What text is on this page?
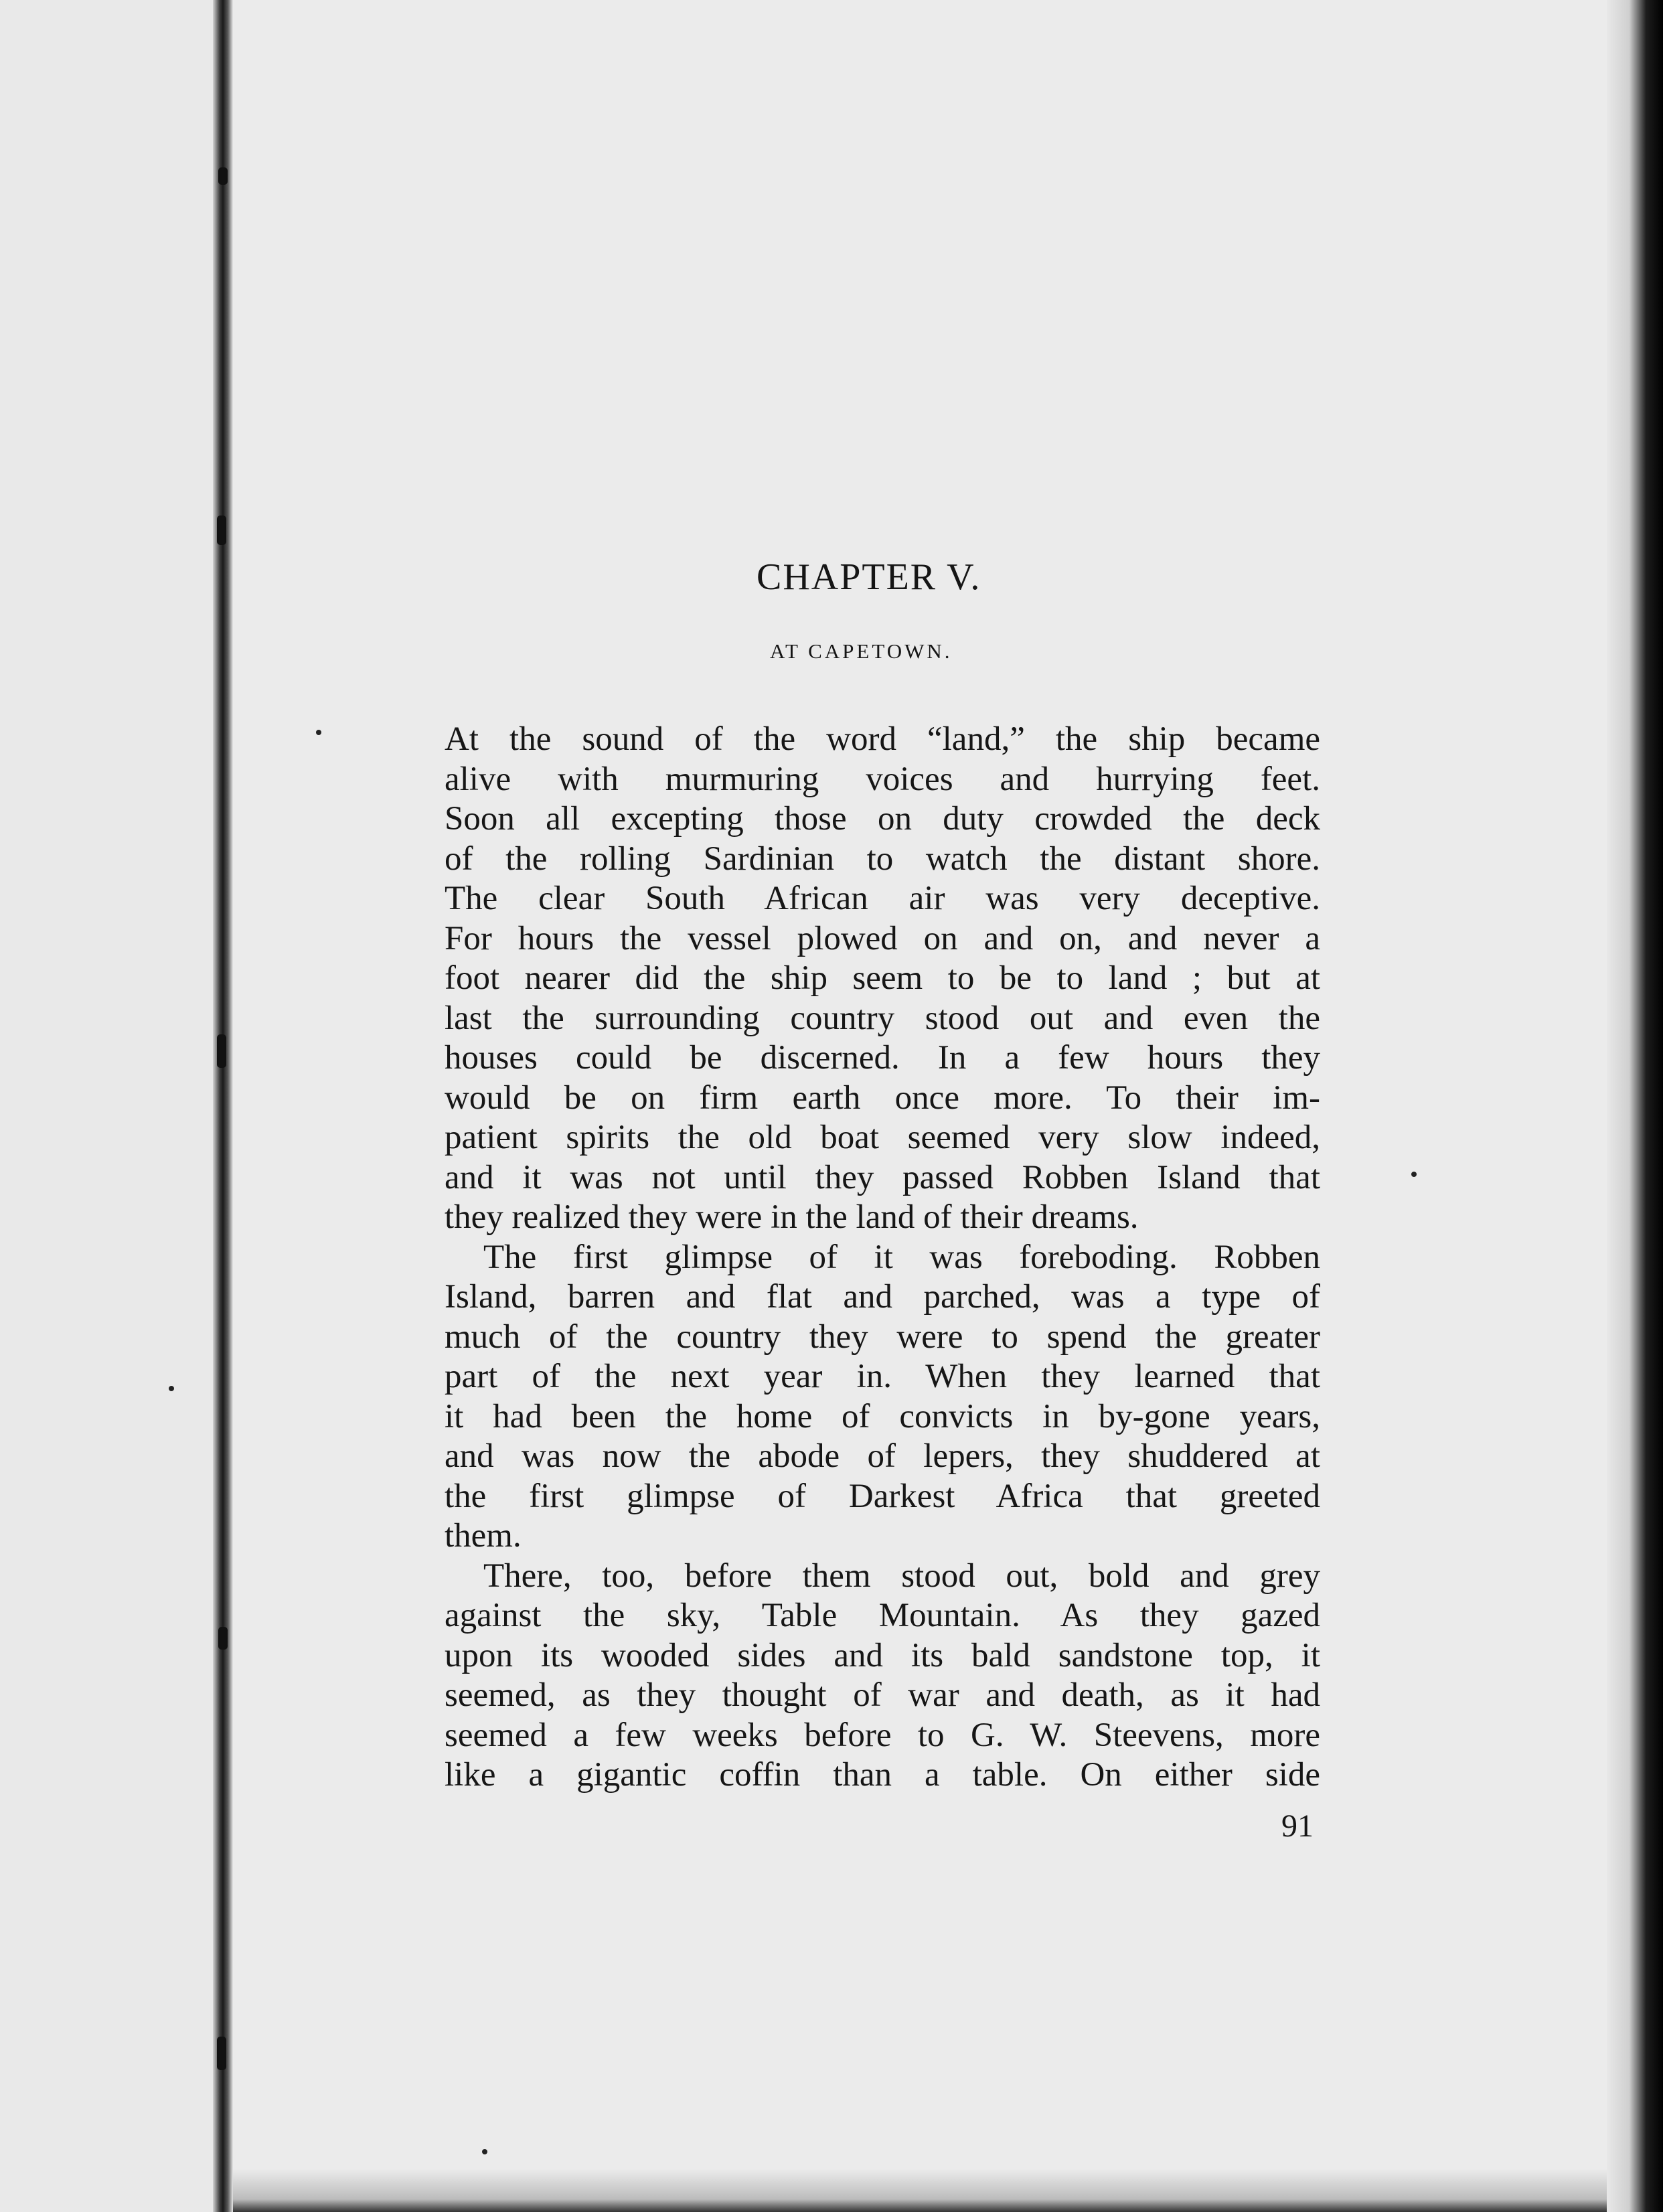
CHAPTER V.
AT CAPETOWN.
At the sound of the word “land,” the ship became
alive with murmuring voices and hurrying feet.
Soon all excepting those on duty crowded the deck
of the rolling Sardinian to watch the distant shore.
The clear South African air was very deceptive.
For hours the vessel plowed on and on, and never a
foot nearer did the ship seem to be to land ; but at
last the surrounding country stood out and even the
houses could be discerned. In a few hours they
would be on firm earth once more. To their im-
patient spirits the old boat seemed very slow indeed,
and it was not until they passed Robben Island that
they realized they were in the land of their dreams.
The first glimpse of it was foreboding. Robben
Island, barren and flat and parched, was a type of
much of the country they were to spend the greater
part of the next year in. When they learned that
it had been the home of convicts in by-gone years,
and was now the abode of lepers, they shuddered at
the first glimpse of Darkest Africa that greeted
them.
There, too, before them stood out, bold and grey
against the sky, Table Mountain. As they gazed
upon its wooded sides and its bald sandstone top, it
seemed, as they thought of war and death, as it had
seemed a few weeks before to G. W. Steevens, more
like a gigantic coffin than a table. On either side
91
